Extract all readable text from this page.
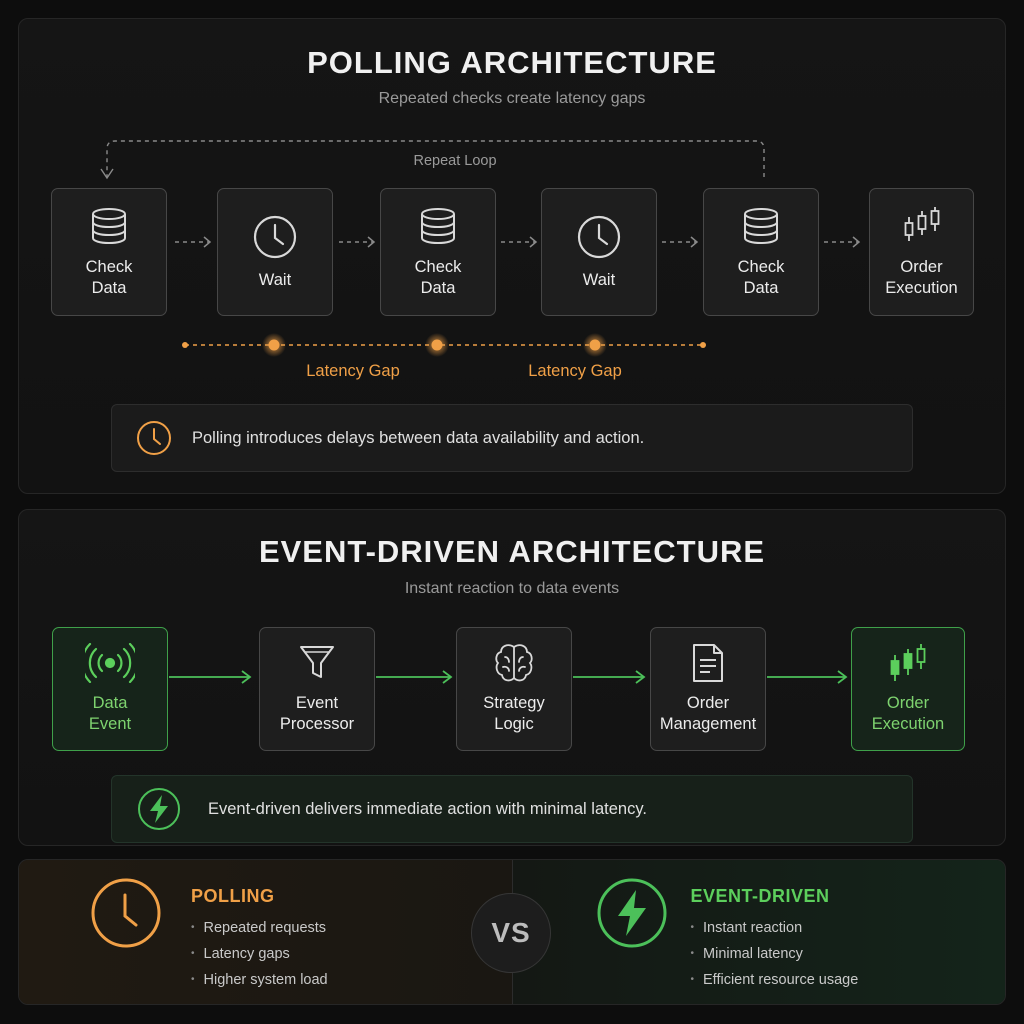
POLLING ARCHITECTURE
Repeated checks create latency gaps
Repeat Loop
Check
Data	Wait
Check
Data	Wait
Check
Data
Order
Execution
Latency Gap	Latency Gap
Polling introduces delays between data availability and action.
EVENT-DRIVEN ARCHITECTURE
Instant reaction to data events
Data
Event
Event
Processor
Strategy
Logic
Order
Management
Order
Execution
Event-driven delivers immediate action with minimal latency.
POLLING
• Repeated requests
• Latency gaps
• Higher system load
EVENT-DRIVEN
• Instant reaction
• Minimal latency
• Efficient resource usage
VS
